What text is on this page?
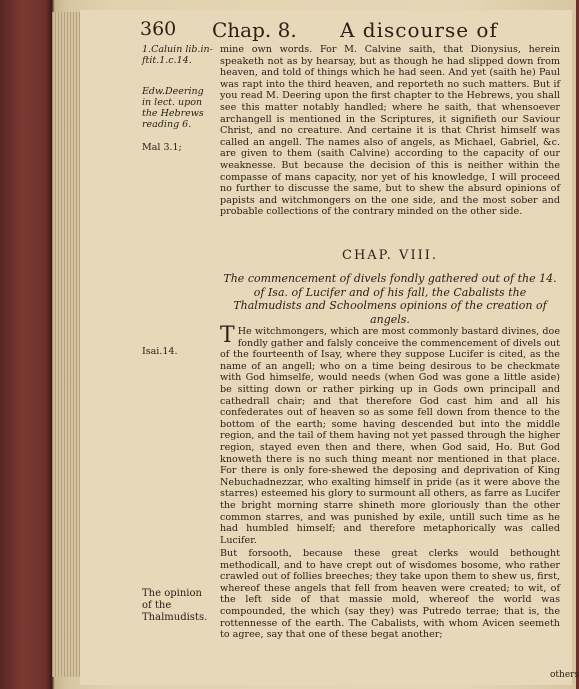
360 Chap. 8. A discourse of
1.Caluin lib.in-ftit.1.c.14.
Edw.Deering in lect. upon the Hebrews reading 6.
Mal 3.1;

mine own words. For M. Calvine saith, that Dionysius, herein speaketh not as by hearsay, but as though he had slipped down from heaven, and told of things which he had seen. And yet (saith he) Paul was rapt into the third heaven, and reporteth no such matters. But if you read M. Deering upon the first chapter to the Hebrews, you shall see this matter notably handled; where he saith, that whensoever archangell is mentioned in the Scriptures, it signifieth our Saviour Christ, and no creature. And certaine it is that Christ himself was called an angell. The names also of angels, as Michael, Gabriel, &c. are given to them (saith Calvine) according to the capacity of our weaknesse. But because the decision of this is neither within the compasse of mans capacity, nor yet of his knowledge, I will proceed no further to discusse the same, but to shew the absurd opinions of papists and witchmongers on the one side, and the most sober and probable collections of the contrary minded on the other side.

CHAP. VIII.
The commencement of divels fondly gathered out of the 14. of Isa. of Lucifer and of his fall, the Cabalists the Thalmudists and Schoolmens opinions of the creation of angels.
Isai.14.

T He witchmongers, which are most commonly bastard divines, doe fondly gather and falsly conceive the commencement of divels out of the fourteenth of Isay, where they suppose Lucifer is cited, as the name of an angell; who on a time being desirous to be checkmate with God himselfe, would needs (when God was gone a little aside) be sitting down or rather pirking up in Gods own principall and cathedrall chair; and that therefore God cast him and all his confederates out of heaven so as some fell down from thence to the bottom of the earth; some having descended but into the middle region, and the tail of them having not yet passed through the higher region, stayed even then and there, when God said, Ho. But God knoweth there is no such thing meant nor mentioned in that place. For there is only fore-shewed the deposing and deprivation of King Nebuchadnezzar, who exalting himself in pride (as it were above the starres) esteemed his glory to surmount all others, as farre as Lucifer the bright morning starre shineth more gloriously than the other common starres, and was punished by exile, untill such time as he had humbled himself; and therefore metaphorically was called Lucifer.

The opinion of the Thalmudists.

But forsooth, because these great clerks would bethought methodicall, and to have crept out of wisdomes bosome, who rather crawled out of follies breeches; they take upon them to shew us, first, whereof these angels that fell from heaven were created; to wit, of the left side of that massie mold, whereof the world was compounded, the which (say they) was Putredo terrae; that is, the rottennesse of the earth. The Cabalists, with whom Avicen seemeth to agree, say that one of these begat another;

others
